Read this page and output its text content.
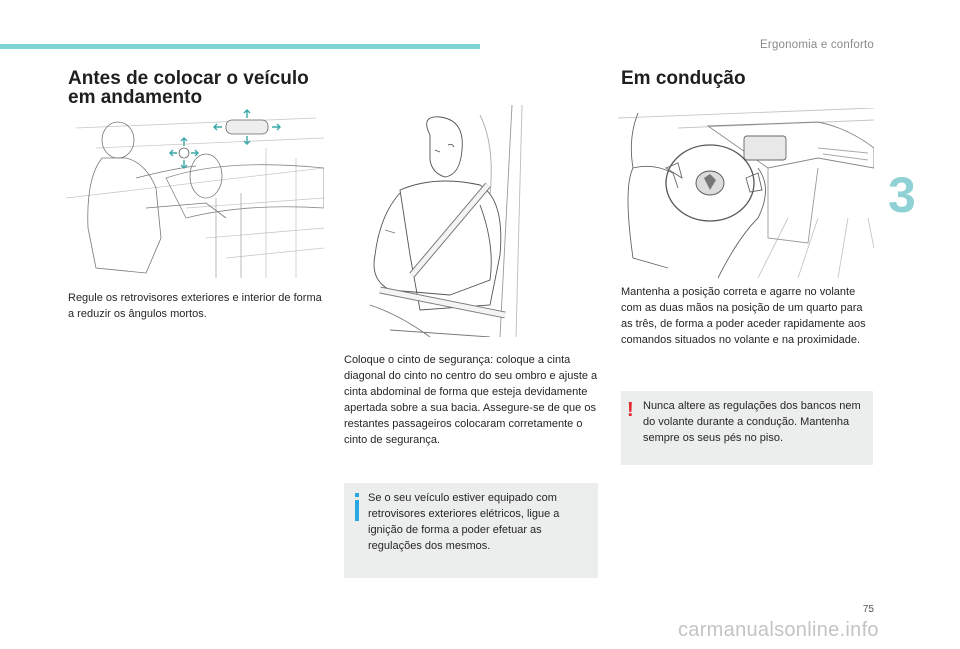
Ergonomia e conforto
3
Antes de colocar o veículo
em andamento
Em condução

Regule os retrovisores exteriores e interior de forma a reduzir os ângulos mortos.

Coloque o cinto de segurança: coloque a cinta diagonal do cinto no centro do seu ombro e ajuste a cinta abdominal de forma que esteja devidamente apertada sobre a sua bacia. Assegure-se de que os restantes passageiros colocaram corretamente o cinto de segurança.

Mantenha a posição correta e agarre no volante com as duas mãos na posição de um quarto para as três, de forma a poder aceder rapidamente aos comandos situados no volante e na proximidade.

Se o seu veículo estiver equipado com retrovisores exteriores elétricos, ligue a ignição de forma a poder efetuar as regulações dos mesmos.

! Nunca altere as regulações dos bancos nem do volante durante a condução. Mantenha sempre os seus pés no piso.

75
carmanualsonline.info
